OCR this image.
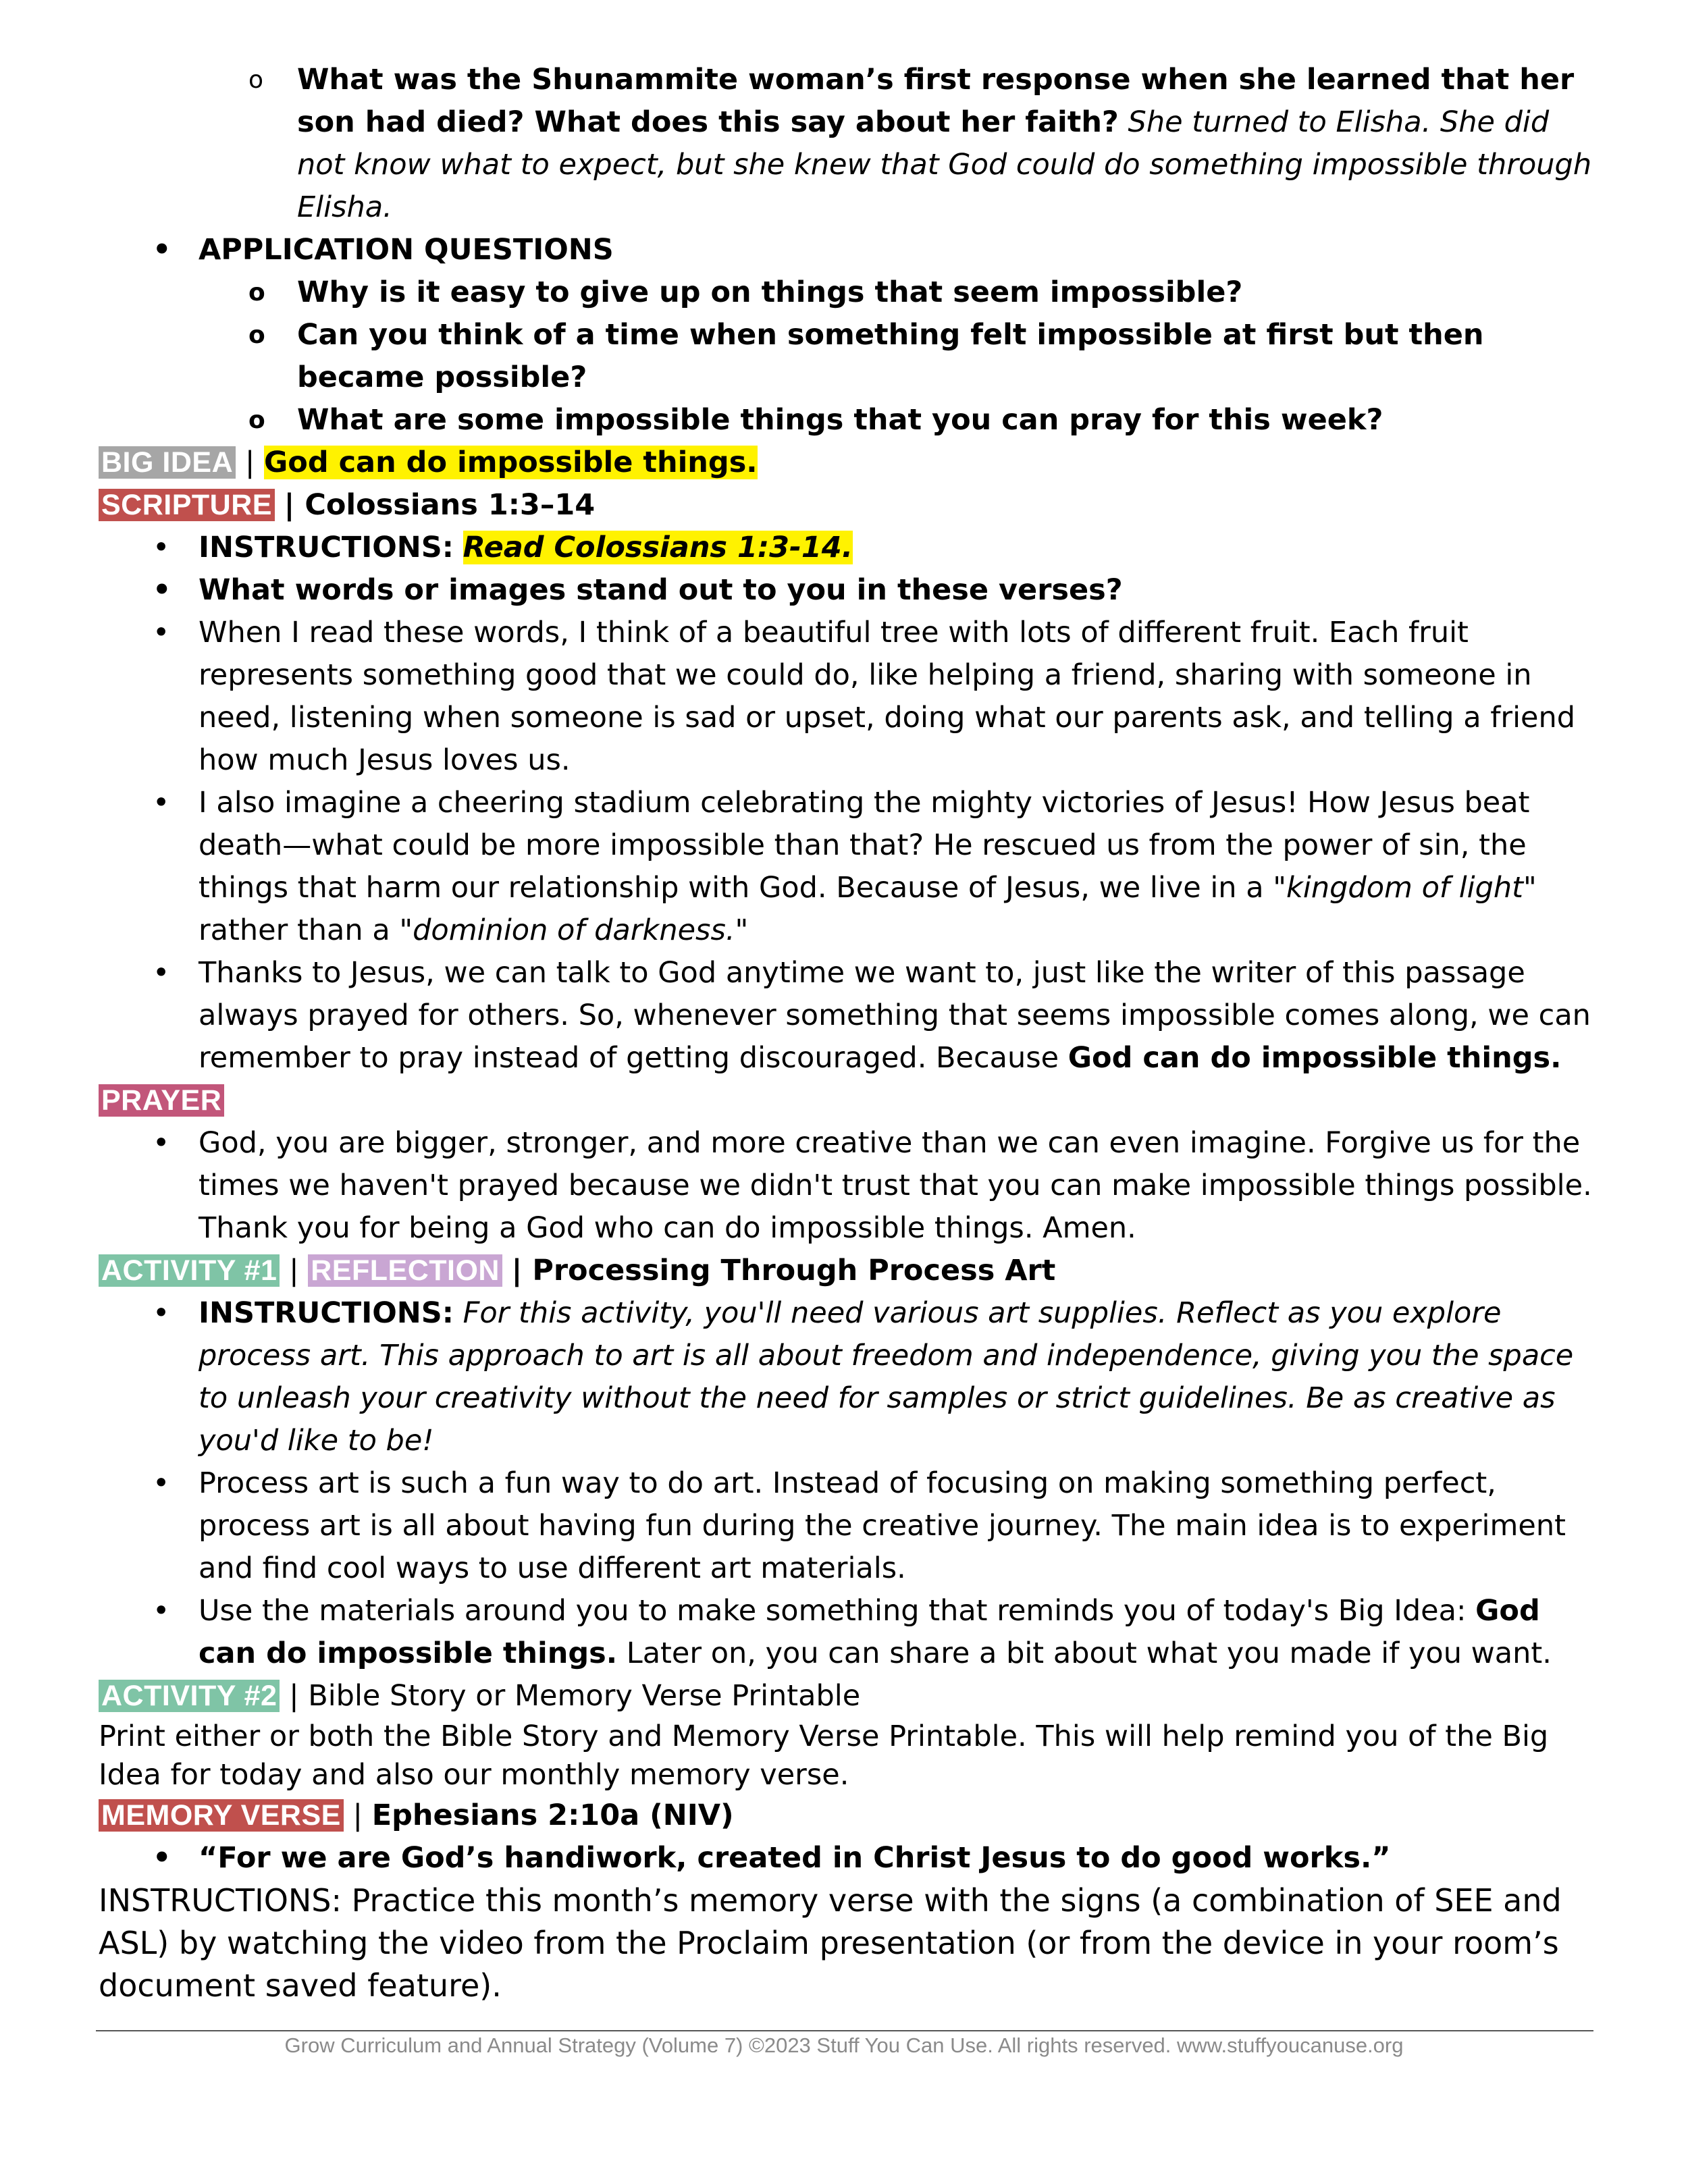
o What was the Shunammite woman’s first response when she learned that her son had died? What does this say about her faith? She turned to Elisha. She did not know what to expect, but she knew that God could do something impossible through Elisha.
• APPLICATION QUESTIONS
o Why is it easy to give up on things that seem impossible?
o Can you think of a time when something felt impossible at first but then became possible?
o What are some impossible things that you can pray for this week?
BIG IDEA | God can do impossible things.
SCRIPTURE | Colossians 1:3–14
• INSTRUCTIONS: Read Colossians 1:3-14.
• What words or images stand out to you in these verses?
• When I read these words, I think of a beautiful tree with lots of different fruit. Each fruit represents something good that we could do, like helping a friend, sharing with someone in need, listening when someone is sad or upset, doing what our parents ask, and telling a friend how much Jesus loves us.
• I also imagine a cheering stadium celebrating the mighty victories of Jesus! How Jesus beat death—what could be more impossible than that? He rescued us from the power of sin, the things that harm our relationship with God. Because of Jesus, we live in a "kingdom of light" rather than a "dominion of darkness."
• Thanks to Jesus, we can talk to God anytime we want to, just like the writer of this passage always prayed for others. So, whenever something that seems impossible comes along, we can remember to pray instead of getting discouraged. Because God can do impossible things.
PRAYER
• God, you are bigger, stronger, and more creative than we can even imagine. Forgive us for the times we haven't prayed because we didn't trust that you can make impossible things possible. Thank you for being a God who can do impossible things. Amen.
ACTIVITY #1 | REFLECTION | Processing Through Process Art
• INSTRUCTIONS: For this activity, you'll need various art supplies. Reflect as you explore process art. This approach to art is all about freedom and independence, giving you the space to unleash your creativity without the need for samples or strict guidelines. Be as creative as you'd like to be!
• Process art is such a fun way to do art. Instead of focusing on making something perfect, process art is all about having fun during the creative journey. The main idea is to experiment and find cool ways to use different art materials.
• Use the materials around you to make something that reminds you of today's Big Idea: God can do impossible things. Later on, you can share a bit about what you made if you want.
ACTIVITY #2 | Bible Story or Memory Verse Printable
Print either or both the Bible Story and Memory Verse Printable. This will help remind you of the Big Idea for today and also our monthly memory verse.
MEMORY VERSE | Ephesians 2:10a (NIV)
• “For we are God’s handiwork, created in Christ Jesus to do good works.”
INSTRUCTIONS: Practice this month’s memory verse with the signs (a combination of SEE and ASL) by watching the video from the Proclaim presentation (or from the device in your room’s document saved feature).
Grow Curriculum and Annual Strategy (Volume 7) ©2023 Stuff You Can Use. All rights reserved. www.stuffyoucanuse.org
